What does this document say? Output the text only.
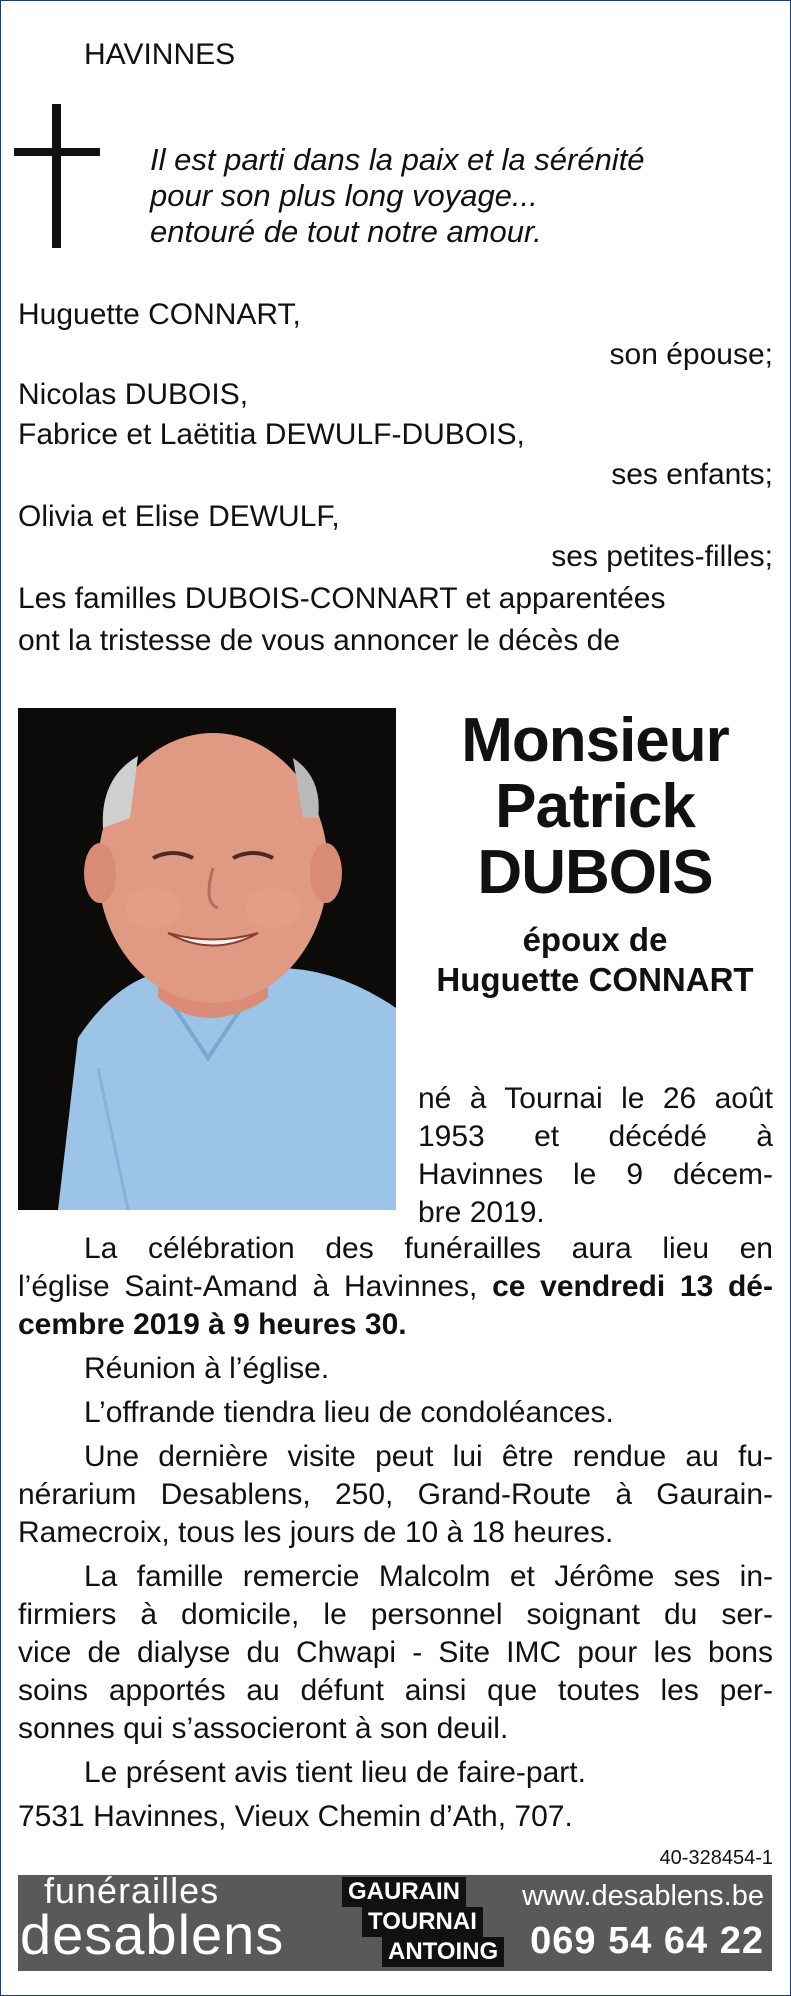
HAVINNES
Il est parti dans la paix et la sérénité
pour son plus long voyage...
entouré de tout notre amour.
Huguette CONNART,
son épouse;
Nicolas DUBOIS,
Fabrice et Laëtitia DEWULF-DUBOIS,
ses enfants;
Olivia et Elise DEWULF,
ses petites-filles;
Les familles DUBOIS-CONNART et apparentées
ont la tristesse de vous annoncer le décès de
Monsieur
Patrick
DUBOIS
époux de
Huguette CONNART
né à Tournai le 26 août
1953 et décédé à
Havinnes le 9 décem-
bre 2019.
La célébration des funérailles aura lieu en
l’église Saint-Amand à Havinnes, ce vendredi 13 dé-
cembre 2019 à 9 heures 30.
Réunion à l’église.
L’offrande tiendra lieu de condoléances.
Une dernière visite peut lui être rendue au fu-
nérarium Desablens, 250, Grand-Route à Gaurain-
Ramecroix, tous les jours de 10 à 18 heures.
La famille remercie Malcolm et Jérôme ses in-
firmiers à domicile, le personnel soignant du ser-
vice de dialyse du Chwapi - Site IMC pour les bons
soins apportés au défunt ainsi que toutes les per-
sonnes qui s’associeront à son deuil.
Le présent avis tient lieu de faire-part.
7531 Havinnes, Vieux Chemin d’Ath, 707.
40-328454-1
funérailles
desablens
GAURAIN
TOURNAI
ANTOING
www.desablens.be
069 54 64 22
